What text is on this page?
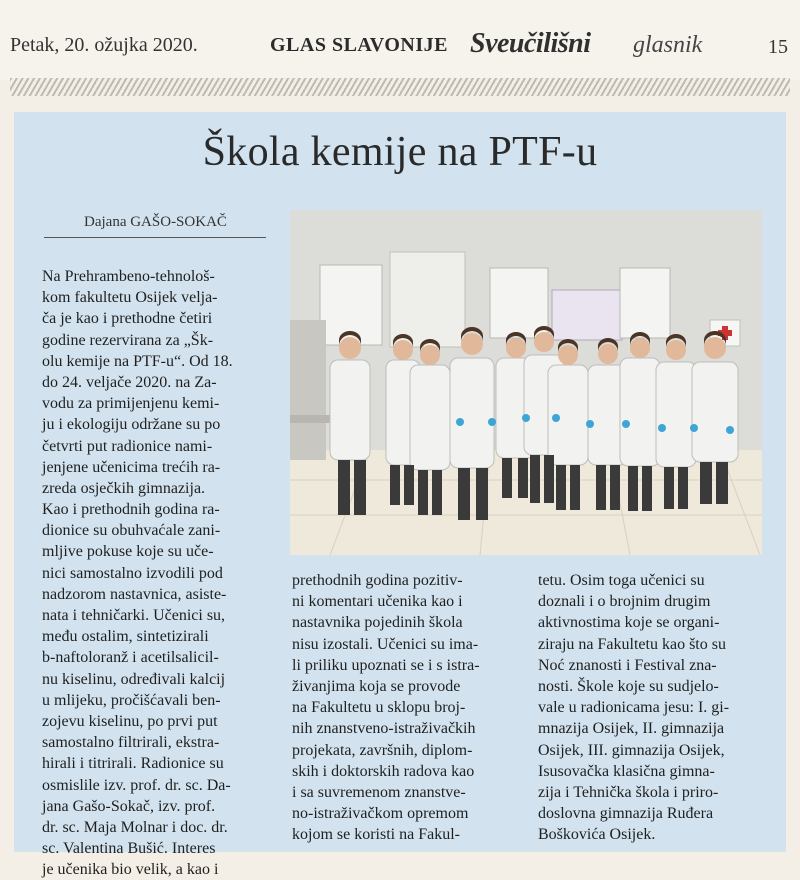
Petak, 20. ožujka 2020.	GLAS SLAVONIJE Sveučilišni glasnik	15
Škola kemije na PTF-u
Dajana GAŠO-SOKAČ
Na Prehrambeno-tehnološ-
kom fakultetu Osijek velja-
ča je kao i prethodne četiri
godine rezervirana za „Šk-
olu kemije na PTF-u“. Od 18.
do 24. veljače 2020. na Za-
vodu za primijenjenu kemi-
ju i ekologiju održane su po
četvrti put radionice nami-
jenjene učenicima trećih ra-
zreda osječkih gimnazija.
Kao i prethodnih godina ra-
dionice su obuhvaćale zani-
mljive pokuse koje su uče-
nici samostalno izvodili pod
nadzorom nastavnica, asiste-
nata i tehničarki. Učenici su,
među ostalim, sintetizirali
b-naftoloranž i acetilsalicil-
nu kiselinu, određivali kalcij
u mlijeku, pročišćavali ben-
zojevu kiselinu, po prvi put
samostalno filtrirali, ekstra-
hirali i titrirali. Radionice su
osmislile izv. prof. dr. sc. Da-
jana Gašo-Sokač, izv. prof.
dr. sc. Maja Molnar i doc. dr.
sc. Valentina Bušić. Interes
je učenika bio velik, a kao i
prethodnih godina pozitiv-
ni komentari učenika kao i
nastavnika pojedinih škola
nisu izostali. Učenici su ima-
li priliku upoznati se i s istra-
živanjima koja se provode
na Fakultetu u sklopu broj-
nih znanstveno-istraživačkih
projekata, završnih, diplom-
skih i doktorskih radova kao
i sa suvremenom znanstve-
no-istraživačkom opremom
kojom se koristi na Fakul-
tetu. Osim toga učenici su
doznali i o brojnim drugim
aktivnostima koje se organi-
ziraju na Fakultetu kao što su
Noć znanosti i Festival zna-
nosti. Škole koje su sudjelo-
vale u radionicama jesu: I. gi-
mnazija Osijek, II. gimnazija
Osijek, III. gimnazija Osijek,
Isusovačka klasična gimna-
zija i Tehnička škola i priro-
doslovna gimnazija Ruđera
Boškovića Osijek.
